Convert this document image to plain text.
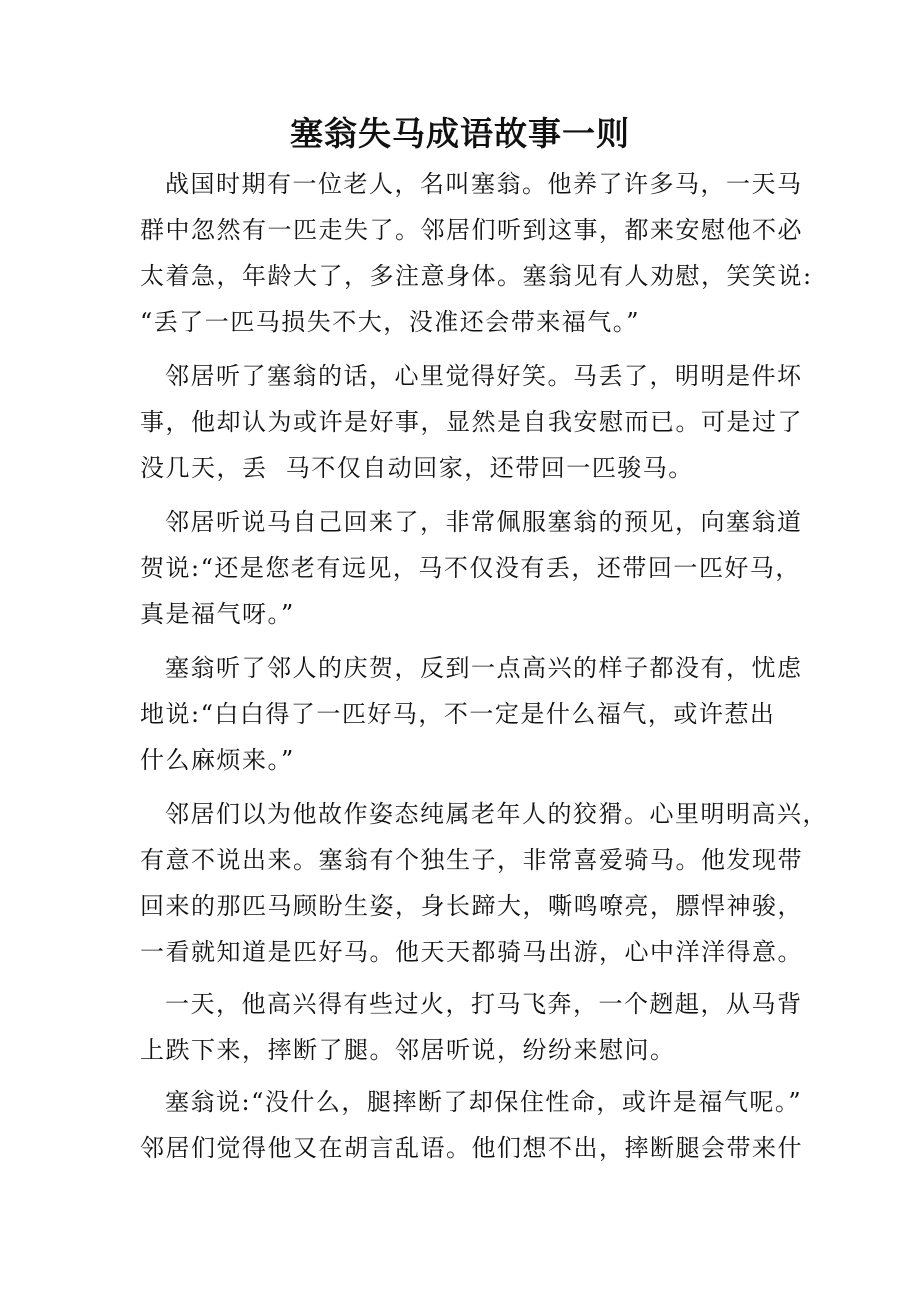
塞翁失马成语故事一则
战国时期有一位老人，名叫塞翁。他养了许多马，一天马
群中忽然有一匹走失了。邻居们听到这事，都来安慰他不必
太着急，年龄大了，多注意身体。塞翁见有人劝慰，笑笑说:
“丢了一匹马损失不大，没准还会带来福气。”
邻居听了塞翁的话，心里觉得好笑。马丢了，明明是件坏
事，他却认为或许是好事，显然是自我安慰而已。可是过了
没几天，丢  马不仅自动回家，还带回一匹骏马。
邻居听说马自己回来了，非常佩服塞翁的预见，向塞翁道
贺说:“还是您老有远见，马不仅没有丢，还带回一匹好马，
真是福气呀。”
塞翁听了邻人的庆贺，反到一点高兴的样子都没有，忧虑
地说:“白白得了一匹好马，不一定是什么福气，或许惹出
什么麻烦来。”
邻居们以为他故作姿态纯属老年人的狡猾。心里明明高兴，
有意不说出来。塞翁有个独生子，非常喜爱骑马。他发现带
回来的那匹马顾盼生姿，身长蹄大，嘶鸣嘹亮，膘悍神骏，
一看就知道是匹好马。他天天都骑马出游，心中洋洋得意。
一天，他高兴得有些过火，打马飞奔，一个趔趄，从马背
上跌下来，摔断了腿。邻居听说，纷纷来慰问。
塞翁说:“没什么，腿摔断了却保住性命，或许是福气呢。”
邻居们觉得他又在胡言乱语。他们想不出，摔断腿会带来什
